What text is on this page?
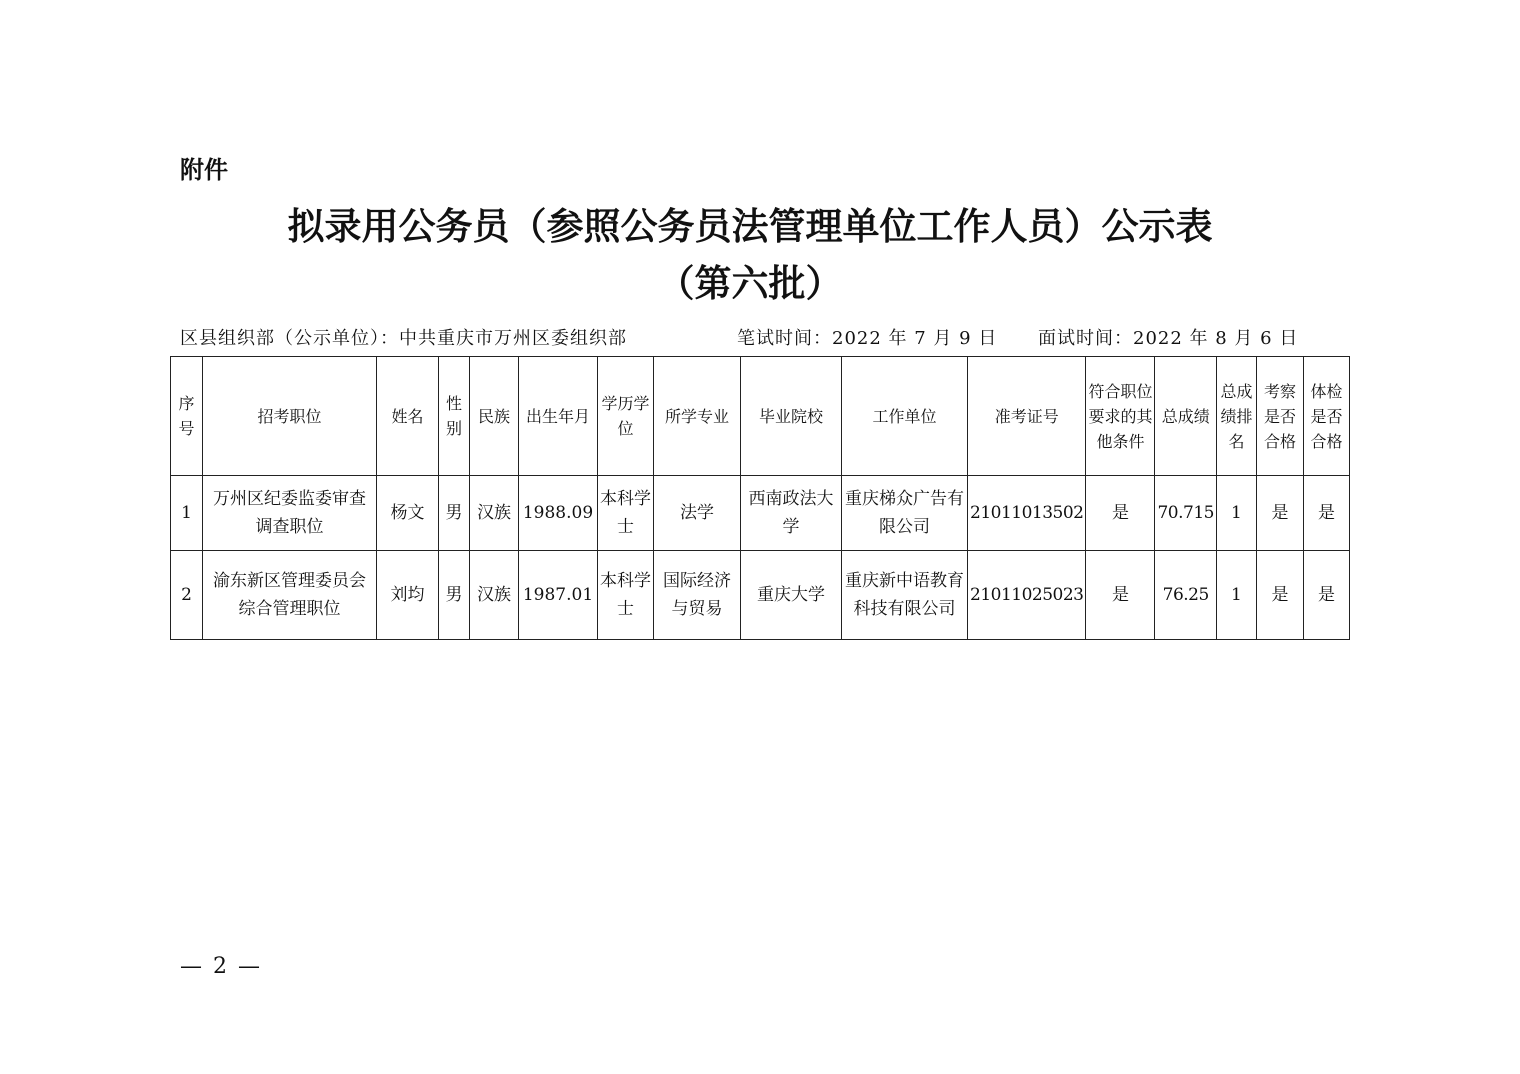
附件
拟录用公务员（参照公务员法管理单位工作人员）公示表
（第六批）
区县组织部（公示单位）：中共重庆市万州区委组织部	笔试时间：2022 年 7 月 9 日 面试时间：2022 年 8 月 6 日
序号	招考职位	姓名	性别	民族	出生年月	学历学位	所学专业	毕业院校	工作单位	准考证号	符合职位要求的其他条件	总成绩	总成绩排名	考察是否合格	体检是否合格
1	万州区纪委监委审查调查职位	杨文	男	汉族	1988.09	本科学士	法学	西南政法大学	重庆梯众广告有限公司	21011013502	是	70.715	1	是	是
2	渝东新区管理委员会综合管理职位	刘均	男	汉族	1987.01	本科学士	国际经济与贸易	重庆大学	重庆新中语教育科技有限公司	21011025023	是	76.25	1	是	是
— 2 —
